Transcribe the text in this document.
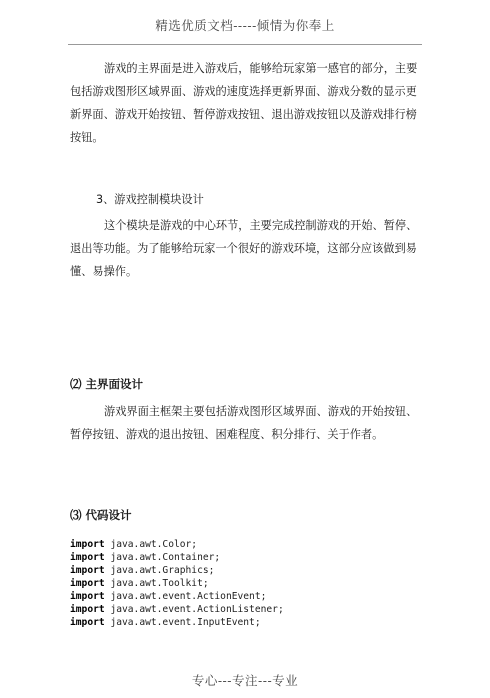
精选优质文档-----倾情为你奉上

游戏的主界面是进入游戏后，能够给玩家第一感官的部分，主要包括游戏图形区域界面、游戏的速度选择更新界面、游戏分数的显示更新界面、游戏开始按钮、暂停游戏按钮、退出游戏按钮以及游戏排行榜按钮。

3、游戏控制模块设计

这个模块是游戏的中心环节，主要完成控制游戏的开始、暂停、退出等功能。为了能够给玩家一个很好的游戏环境，这部分应该做到易懂、易操作。

⑵ 主界面设计

游戏界面主框架主要包括游戏图形区域界面、游戏的开始按钮、暂停按钮、游戏的退出按钮、困难程度、积分排行、关于作者。

⑶ 代码设计
import java.awt.Color;
import java.awt.Container;
import java.awt.Graphics;
import java.awt.Toolkit;
import java.awt.event.ActionEvent;
import java.awt.event.ActionListener;
import java.awt.event.InputEvent;
专心---专注---专业
